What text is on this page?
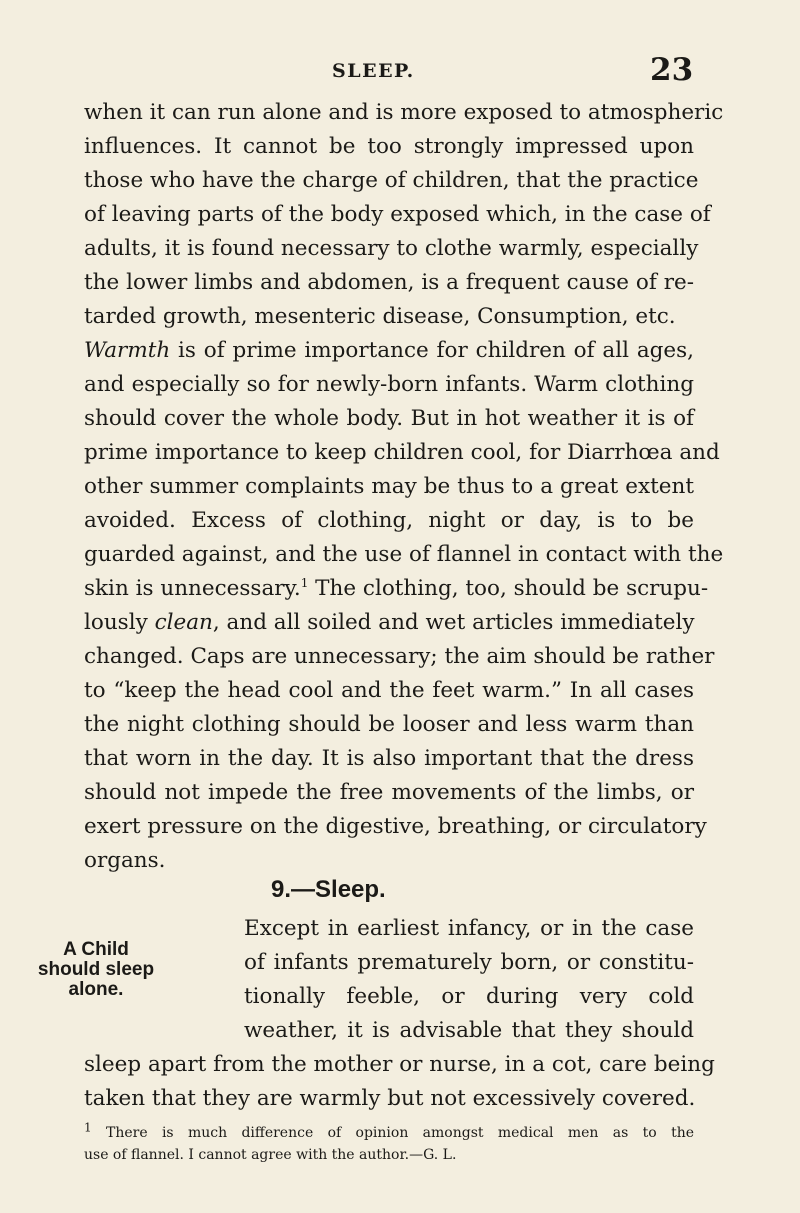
SLEEP.	23
when it can run alone and is more exposed to atmospheric
influences. It cannot be too strongly impressed upon
those who have the charge of children, that the practice
of leaving parts of the body exposed which, in the case of
adults, it is found necessary to clothe warmly, especially
the lower limbs and abdomen, is a frequent cause of re-
tarded growth, mesenteric disease, Consumption, etc.
Warmth is of prime importance for children of all ages,
and especially so for newly-born infants. Warm clothing
should cover the whole body. But in hot weather it is of
prime importance to keep children cool, for Diarrhœa and
other summer complaints may be thus to a great extent
avoided. Excess of clothing, night or day, is to be
guarded against, and the use of flannel in contact with the
skin is unnecessary.$^1$ The clothing, too, should be scrupu-
lously clean, and all soiled and wet articles immediately
changed. Caps are unnecessary; the aim should be rather
to “keep the head cool and the feet warm.” In all cases
the night clothing should be looser and less warm than
that worn in the day. It is also important that the dress
should not impede the free movements of the limbs, or
exert pressure on the digestive, breathing, or circulatory
organs.
9.—Sleep.
A Child
should sleep
alone.
Except in earliest infancy, or in the case
of infants prematurely born, or constitu-
tionally feeble, or during very cold
weather, it is advisable that they should
sleep apart from the mother or nurse, in a cot, care being
taken that they are warmly but not excessively covered.
$^1$ There is much difference of opinion amongst medical men as to the
use of flannel. I cannot agree with the author.—G. L.
